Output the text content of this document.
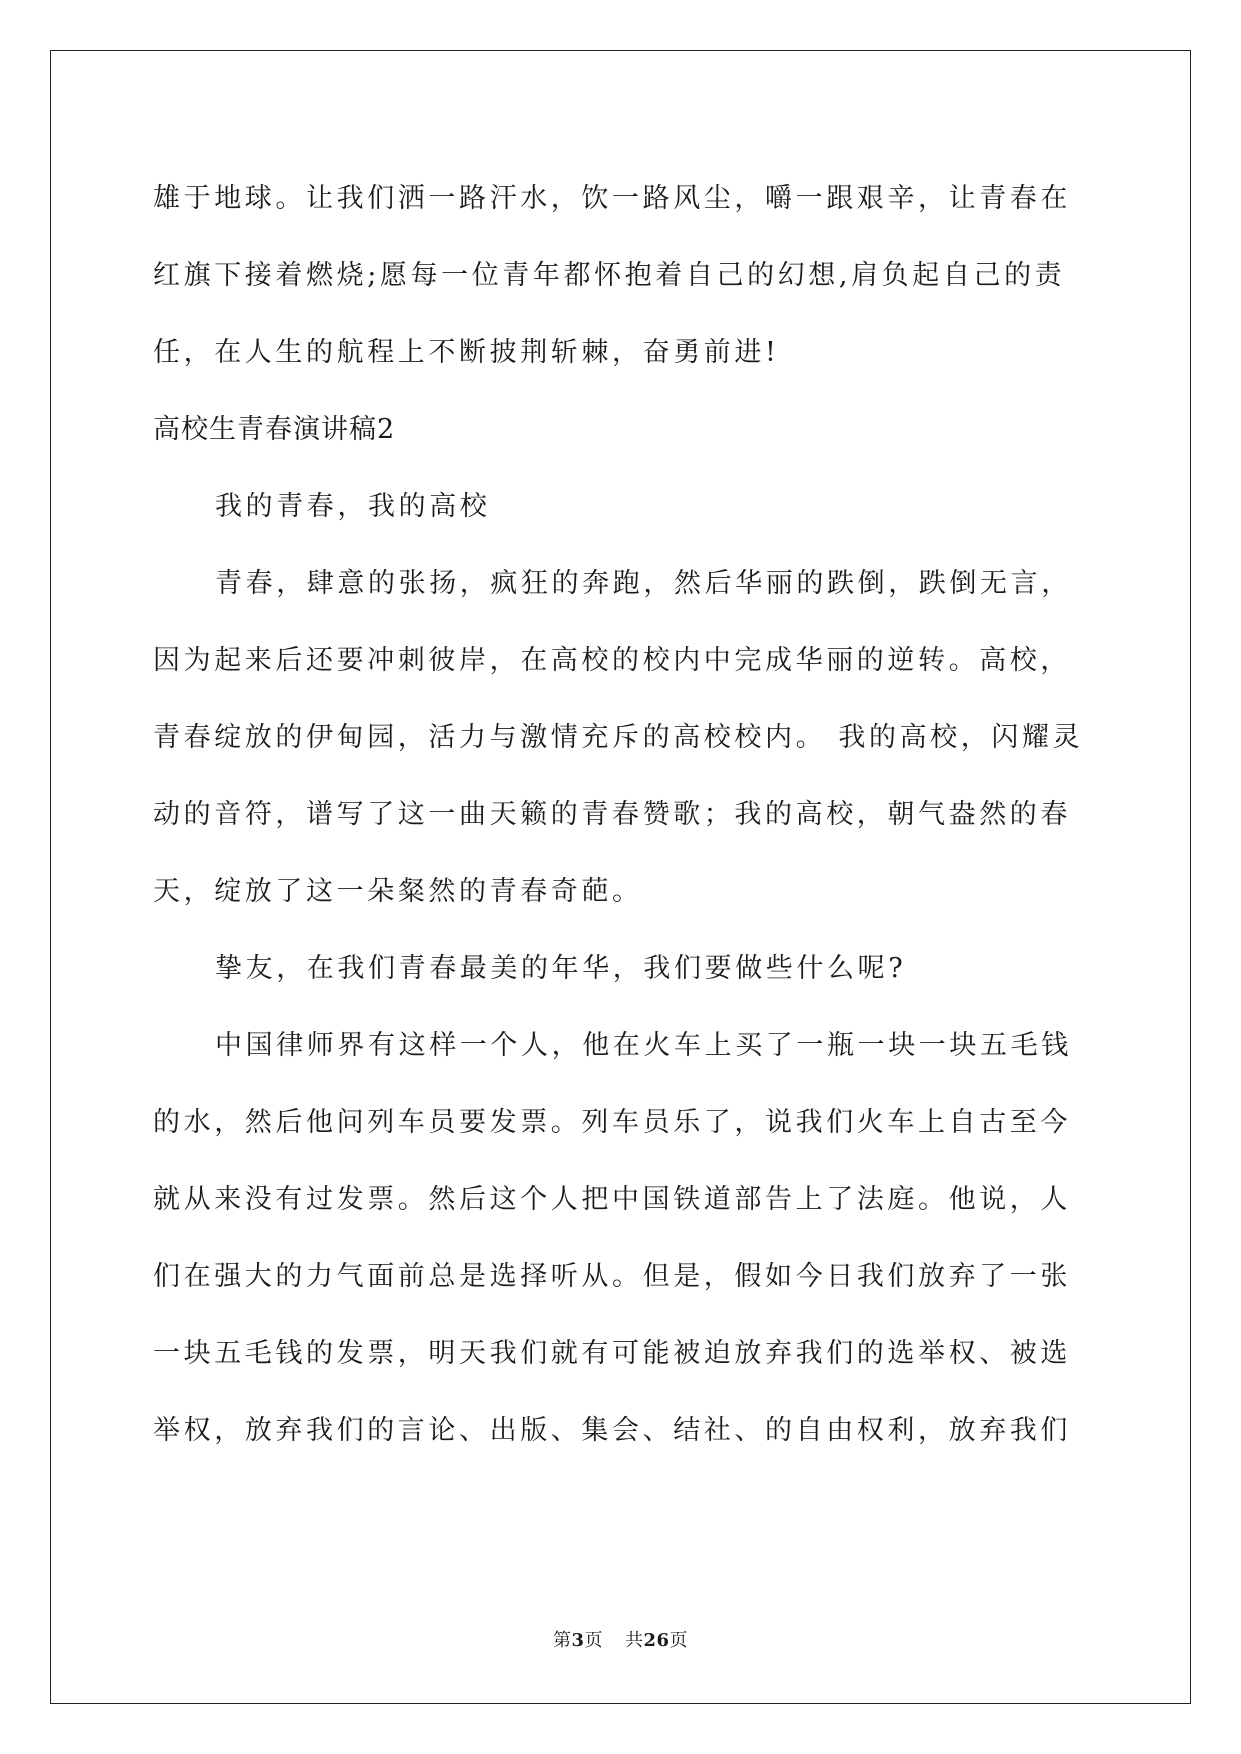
雄于地球。让我们洒一路汗水，饮一路风尘，嚼一跟艰辛，让青春在

红旗下接着燃烧;愿每一位青年都怀抱着自己的幻想,肩负起自己的责

任，在人生的航程上不断披荆斩棘，奋勇前进!

高校生青春演讲稿2

我的青春，我的高校

青春，肆意的张扬，疯狂的奔跑，然后华丽的跌倒，跌倒无言，

因为起来后还要冲刺彼岸，在高校的校内中完成华丽的逆转。高校，

青春绽放的伊甸园，活力与激情充斥的高校校内。 我的高校，闪耀灵

动的音符，谱写了这一曲天籁的青春赞歌；我的高校，朝气盎然的春

天，绽放了这一朵粲然的青春奇葩。

挚友，在我们青春最美的年华，我们要做些什么呢?

中国律师界有这样一个人，他在火车上买了一瓶一块一块五毛钱

的水，然后他问列车员要发票。列车员乐了，说我们火车上自古至今

就从来没有过发票。然后这个人把中国铁道部告上了法庭。他说，人

们在强大的力气面前总是选择听从。但是，假如今日我们放弃了一张

一块五毛钱的发票，明天我们就有可能被迫放弃我们的选举权、被选

举权，放弃我们的言论、出版、集会、结社、的自由权利，放弃我们

第3页 共26页
